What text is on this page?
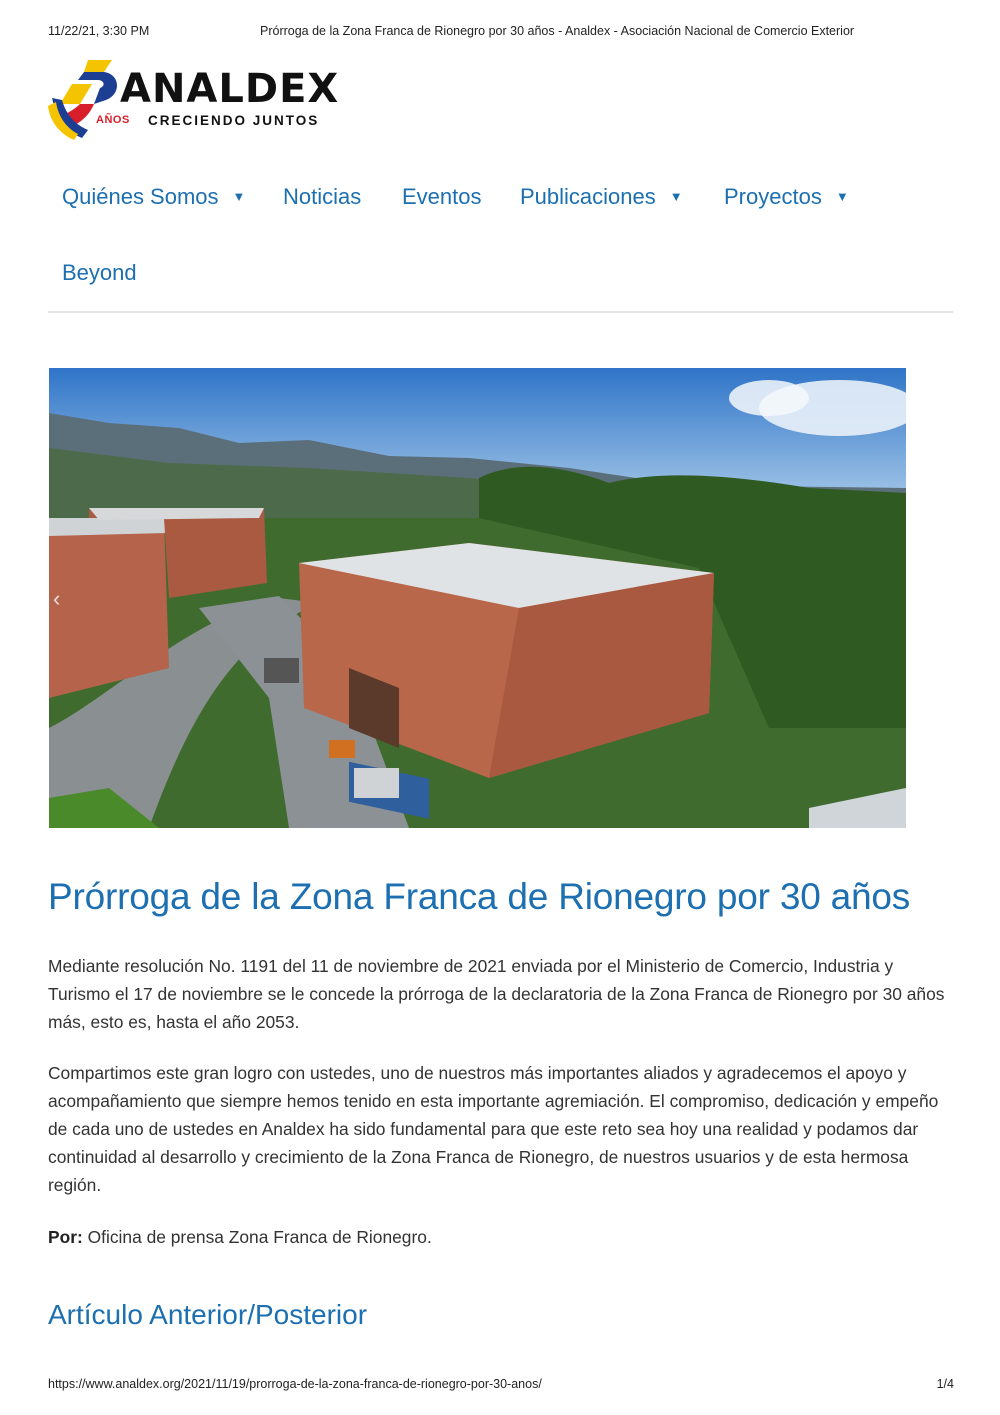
11/22/21, 3:30 PM	Prórroga de la Zona Franca de Rionegro por 30 años - Analdex - Asociación Nacional de Comercio Exterior
ANALDEX
AÑOS CRECIENDO JUNTOS
Quiénes Somos ▼ Noticias Eventos Publicaciones ▼ Proyectos ▼
Beyond
‹
Prórroga de la Zona Franca de Rionegro por 30 años

Mediante resolución No. 1191 del 11 de noviembre de 2021 enviada por el Ministerio de Comercio, Industria y Turismo el 17 de noviembre se le concede la prórroga de la declaratoria de la Zona Franca de Rionegro por 30 años más, esto es, hasta el año 2053.

Compartimos este gran logro con ustedes, uno de nuestros más importantes aliados y agradecemos el apoyo y acompañamiento que siempre hemos tenido en esta importante agremiación. El compromiso, dedicación y empeño de cada uno de ustedes en Analdex ha sido fundamental para que este reto sea hoy una realidad y podamos dar continuidad al desarrollo y crecimiento de la Zona Franca de Rionegro, de nuestros usuarios y de esta hermosa región.

Por: Oficina de prensa Zona Franca de Rionegro.

Artículo Anterior/Posterior
https://www.analdex.org/2021/11/19/prorroga-de-la-zona-franca-de-rionegro-por-30-anos/	1/4
